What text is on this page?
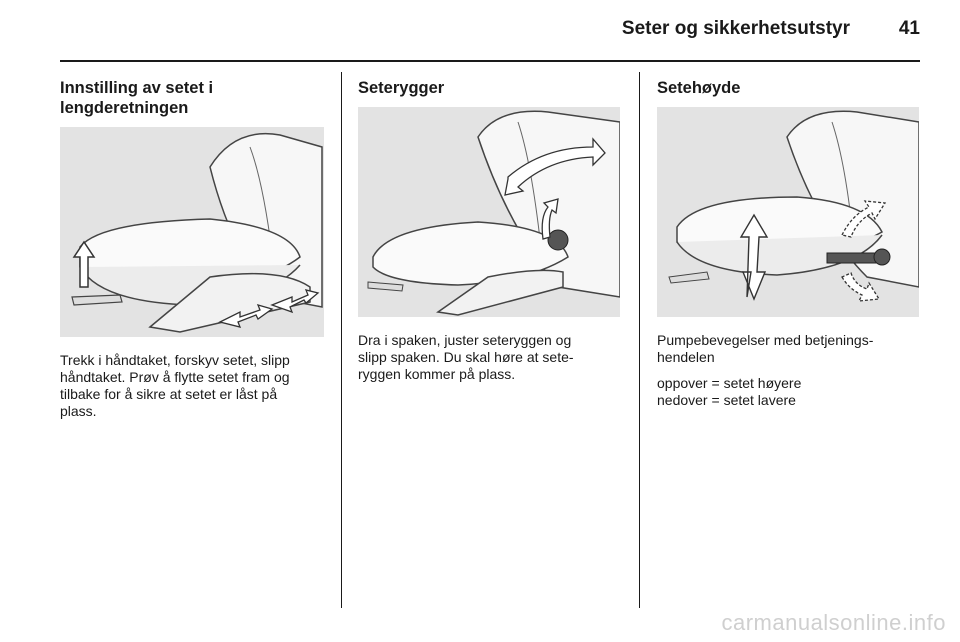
Seter og sikkerhetsutstyr	41

Innstilling av setet i
lengderetningen

Trekk i håndtaket, forskyv setet, slipp
håndtaket. Prøv å flytte setet fram og
tilbake for å sikre at setet er låst på
plass.

Seterygger

Dra i spaken, juster seteryggen og
slipp spaken. Du skal høre at sete-
ryggen kommer på plass.

Setehøyde

Pumpebevegelser med betjenings-
hendelen
oppover = setet høyere
nedover = setet lavere
carmanualsonline.info
